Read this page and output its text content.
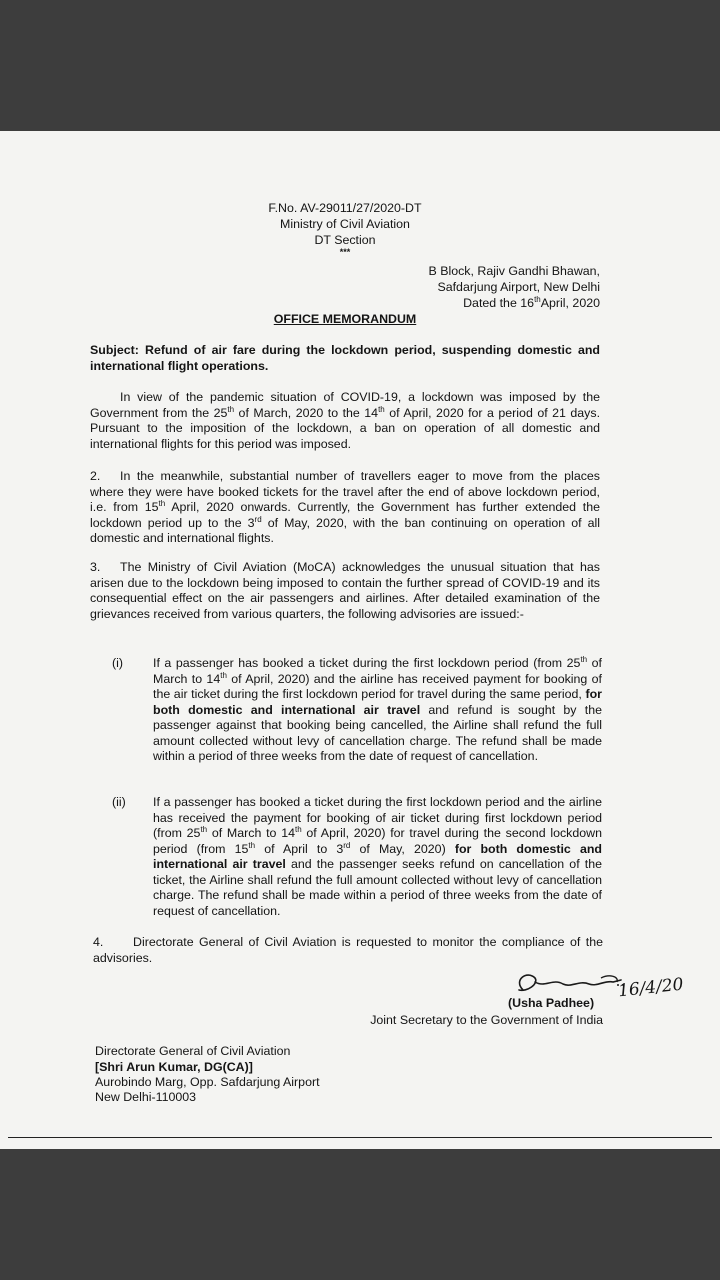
F.No. AV-29011/27/2020-DT
Ministry of Civil Aviation
DT Section
***
B Block, Rajiv Gandhi Bhawan,
Safdarjung Airport, New Delhi
Dated the 16thApril, 2020
OFFICE MEMORANDUM
Subject: Refund of air fare during the lockdown period, suspending domestic and international flight operations.
In view of the pandemic situation of COVID-19, a lockdown was imposed by the Government from the 25th of March, 2020 to the 14th of April, 2020 for a period of 21 days. Pursuant to the imposition of the lockdown, a ban on operation of all domestic and international flights for this period was imposed.
2.	In the meanwhile, substantial number of travellers eager to move from the places where they were have booked tickets for the travel after the end of above lockdown period, i.e. from 15th April, 2020 onwards. Currently, the Government has further extended the lockdown period up to the 3rd of May, 2020, with the ban continuing on operation of all domestic and international flights.
3.	The Ministry of Civil Aviation (MoCA) acknowledges the unusual situation that has arisen due to the lockdown being imposed to contain the further spread of COVID-19 and its consequential effect on the air passengers and airlines. After detailed examination of the grievances received from various quarters, the following advisories are issued:-
(i) If a passenger has booked a ticket during the first lockdown period (from 25th of March to 14th of April, 2020) and the airline has received payment for booking of the air ticket during the first lockdown period for travel during the same period, for both domestic and international air travel and refund is sought by the passenger against that booking being cancelled, the Airline shall refund the full amount collected without levy of cancellation charge. The refund shall be made within a period of three weeks from the date of request of cancellation.
(ii) If a passenger has booked a ticket during the first lockdown period and the airline has received the payment for booking of air ticket during first lockdown period (from 25th of March to 14th of April, 2020) for travel during the second lockdown period (from 15th of April to 3rd of May, 2020) for both domestic and international air travel and the passenger seeks refund on cancellation of the ticket, the Airline shall refund the full amount collected without levy of cancellation charge. The refund shall be made within a period of three weeks from the date of request of cancellation.
4.	Directorate General of Civil Aviation is requested to monitor the compliance of the advisories.
16/4/20
(Usha Padhee)
Joint Secretary to the Government of India
Directorate General of Civil Aviation
[Shri Arun Kumar, DG(CA)]
Aurobindo Marg, Opp. Safdarjung Airport
New Delhi-110003
